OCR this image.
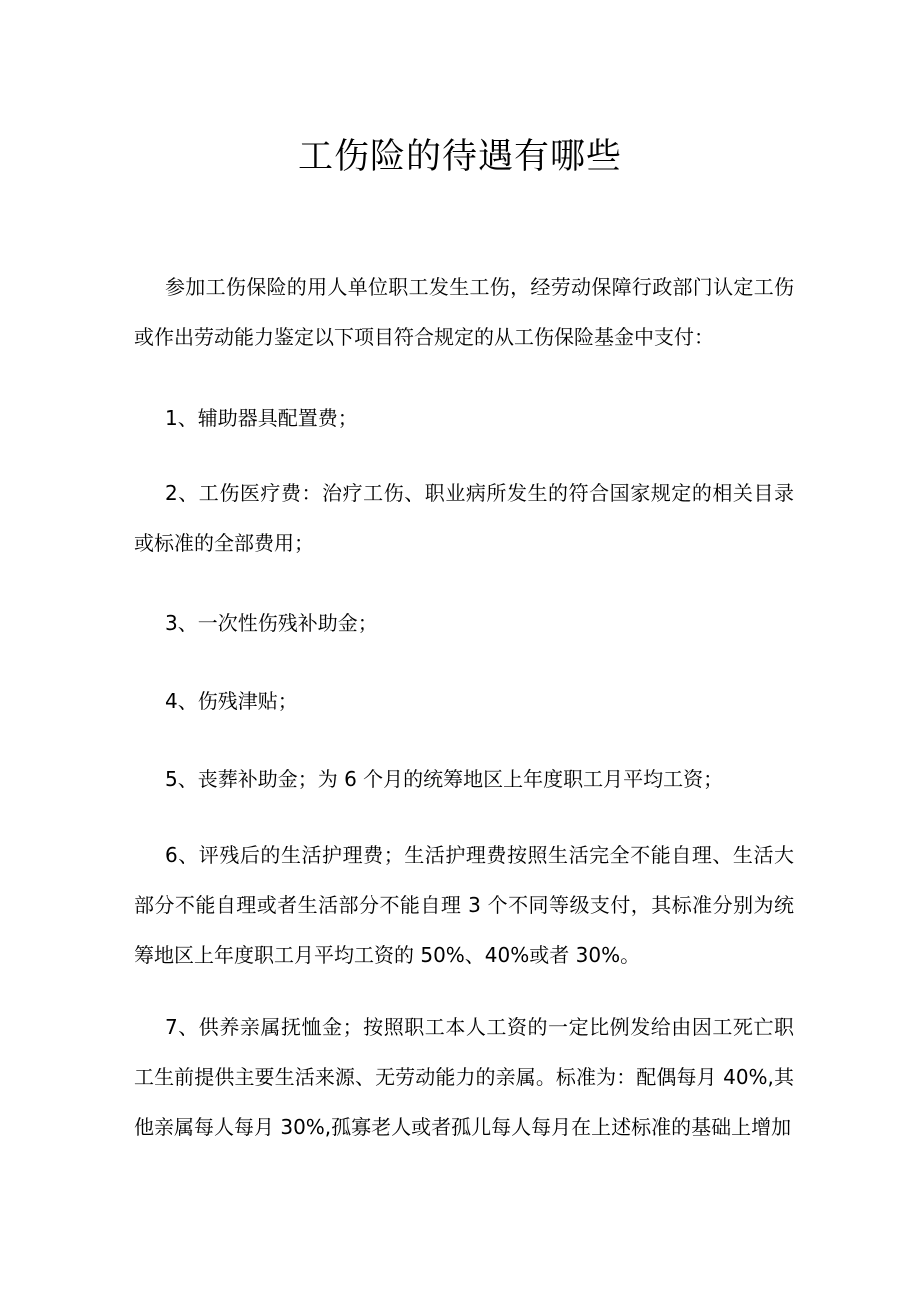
工伤险的待遇有哪些

参加工伤保险的用人单位职工发生工伤，经劳动保障行政部门认定工伤或作出劳动能力鉴定以下项目符合规定的从工伤保险基金中支付：

1、辅助器具配置费；

2、工伤医疗费：治疗工伤、职业病所发生的符合国家规定的相关目录或标准的全部费用；

3、一次性伤残补助金；

4、伤残津贴；

5、丧葬补助金；为 6 个月的统筹地区上年度职工月平均工资；

6、评残后的生活护理费；生活护理费按照生活完全不能自理、生活大部分不能自理或者生活部分不能自理 3 个不同等级支付，其标准分别为统筹地区上年度职工月平均工资的 50%、40%或者 30%。

7、供养亲属抚恤金；按照职工本人工资的一定比例发给由因工死亡职工生前提供主要生活来源、无劳动能力的亲属。标准为：配偶每月 40%,其他亲属每人每月 30%,孤寡老人或者孤儿每人每月在上述标准的基础上增加
